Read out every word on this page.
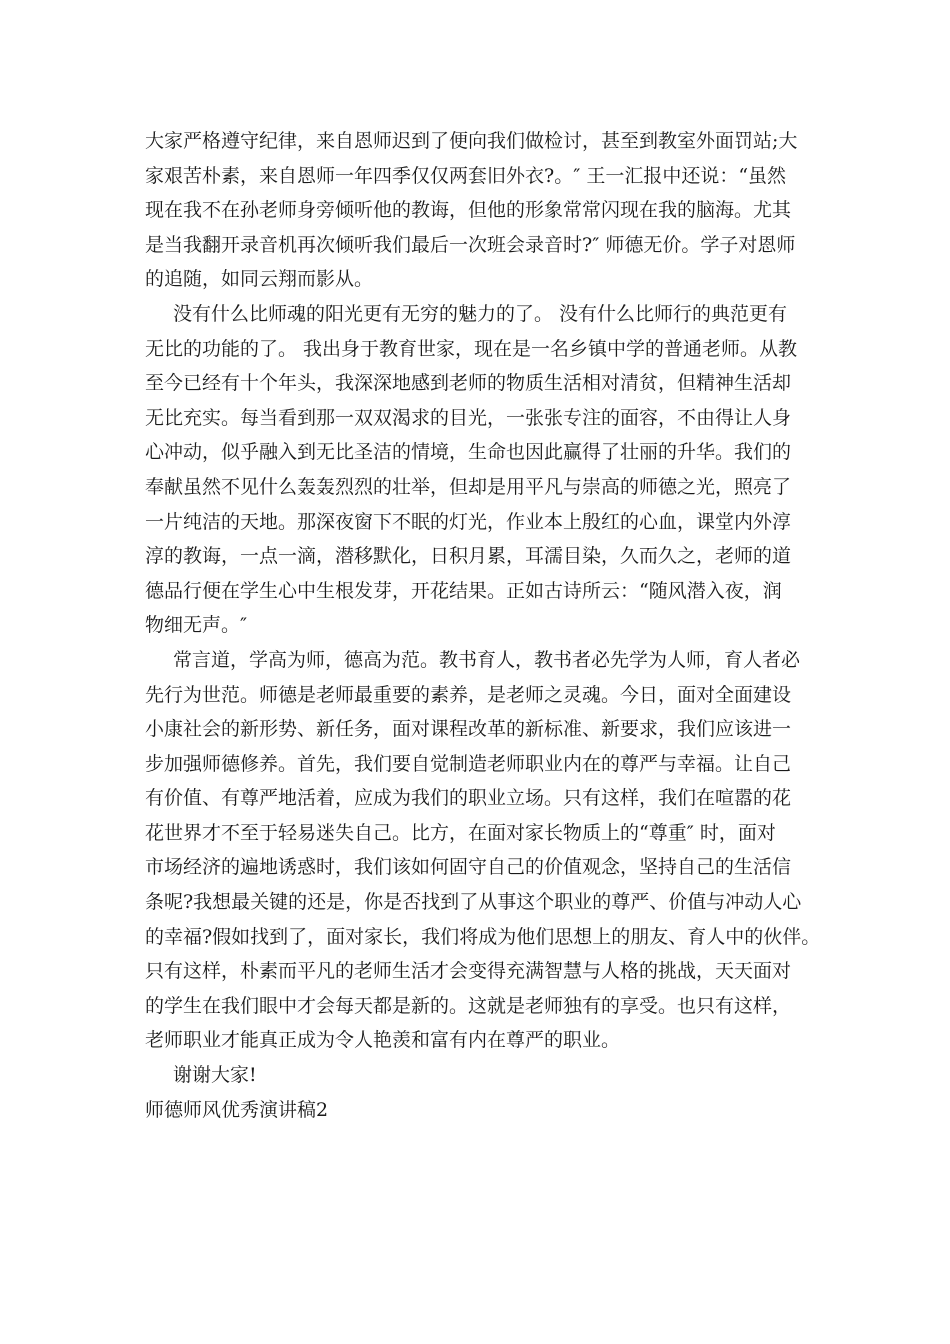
大家严格遵守纪律，来自恩师迟到了便向我们做检讨，甚至到教室外面罚站;大
家艰苦朴素，来自恩师一年四季仅仅两套旧外衣?。″ 王一汇报中还说：“虽然
现在我不在孙老师身旁倾听他的教诲，但他的形象常常闪现在我的脑海。尤其
是当我翻开录音机再次倾听我们最后一次班会录音时?″ 师德无价。学子对恩师
的追随，如同云翔而影从。
没有什么比师魂的阳光更有无穷的魅力的了。 没有什么比师行的典范更有
无比的功能的了。 我出身于教育世家，现在是一名乡镇中学的普通老师。从教
至今已经有十个年头，我深深地感到老师的物质生活相对清贫，但精神生活却
无比充实。每当看到那一双双渴求的目光，一张张专注的面容，不由得让人身
心冲动，似乎融入到无比圣洁的情境，生命也因此赢得了壮丽的升华。我们的
奉献虽然不见什么轰轰烈烈的壮举，但却是用平凡与崇高的师德之光，照亮了
一片纯洁的天地。那深夜窗下不眠的灯光，作业本上殷红的心血，课堂内外淳
淳的教诲，一点一滴，潜移默化，日积月累，耳濡目染，久而久之，老师的道
德品行便在学生心中生根发芽，开花结果。正如古诗所云：“随风潜入夜，润
物细无声。″
常言道，学高为师，德高为范。教书育人，教书者必先学为人师，育人者必
先行为世范。师德是老师最重要的素养，是老师之灵魂。今日，面对全面建设
小康社会的新形势、新任务，面对课程改革的新标准、新要求，我们应该进一
步加强师德修养。首先，我们要自觉制造老师职业内在的尊严与幸福。让自己
有价值、有尊严地活着，应成为我们的职业立场。只有这样，我们在喧嚣的花
花世界才不至于轻易迷失自己。比方，在面对家长物质上的“尊重″ 时，面对
市场经济的遍地诱惑时，我们该如何固守自己的价值观念，坚持自己的生活信
条呢?我想最关键的还是，你是否找到了从事这个职业的尊严、价值与冲动人心
的幸福?假如找到了，面对家长，我们将成为他们思想上的朋友、育人中的伙伴。
只有这样，朴素而平凡的老师生活才会变得充满智慧与人格的挑战，天天面对
的学生在我们眼中才会每天都是新的。这就是老师独有的享受。也只有这样，
老师职业才能真正成为令人艳羡和富有内在尊严的职业。
谢谢大家!
师德师风优秀演讲稿2
